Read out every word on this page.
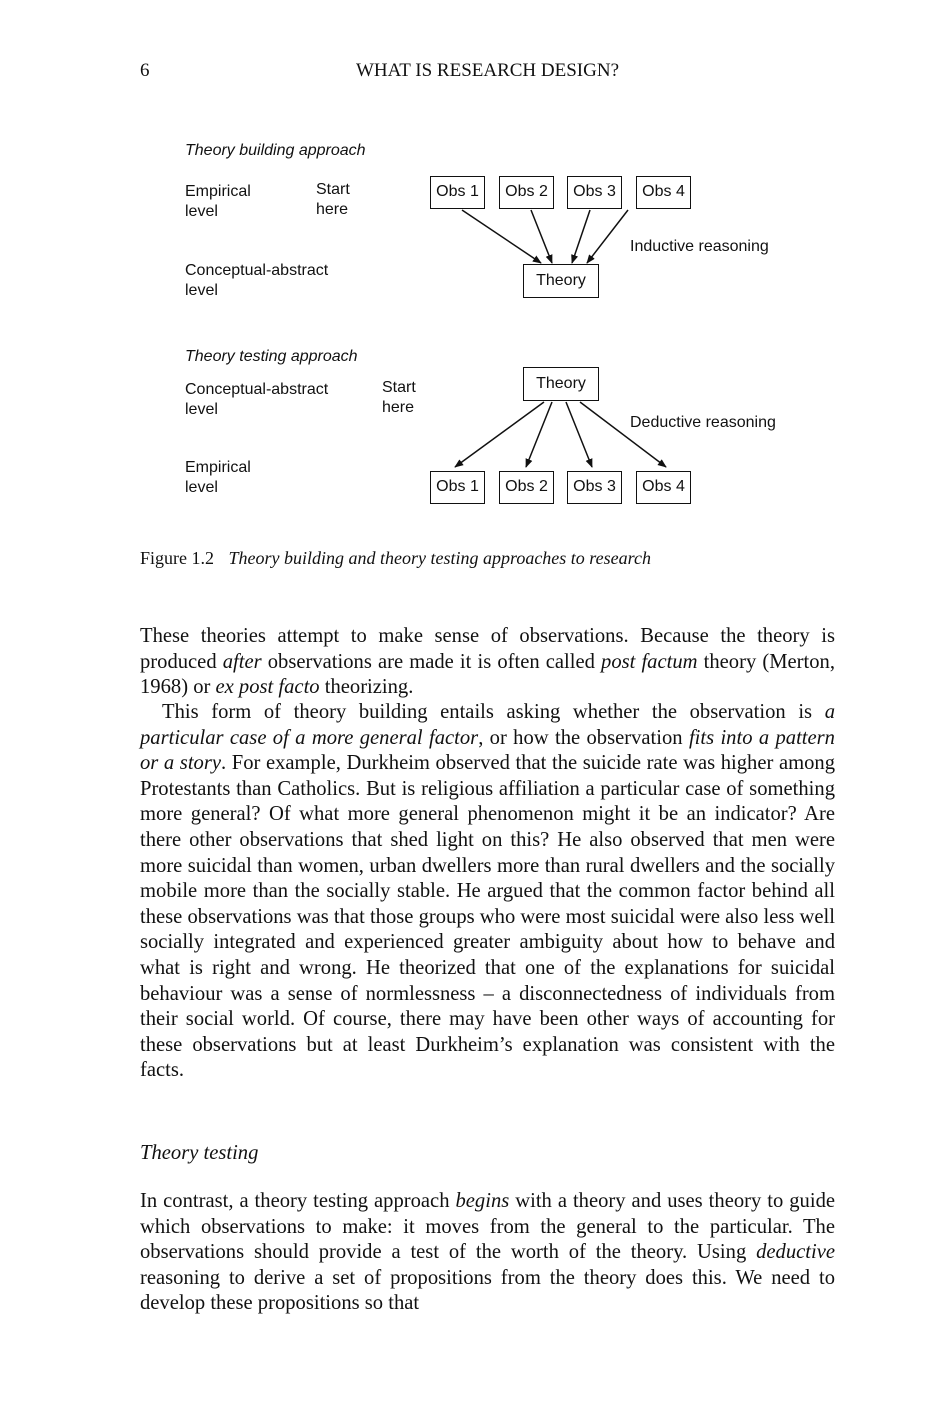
6	WHAT IS RESEARCH DESIGN?
Theory building approach
Empirical
level
Start
here
Conceptual-abstract
level
Inductive reasoning
Obs 1	Obs 2	Obs 3	Obs 4
Theory
Theory testing approach
Conceptual-abstract
level
Start
here
Empirical
level
Deductive reasoning
Theory
Obs 1	Obs 2	Obs 3	Obs 4
Figure 1.2 Theory building and theory testing approaches to research

These theories attempt to make sense of observations. Because the theory is produced after observations are made it is often called post factum theory (Merton, 1968) or ex post facto theorizing.

This form of theory building entails asking whether the observation is a particular case of a more general factor, or how the observation fits into a pattern or a story. For example, Durkheim observed that the suicide rate was higher among Protestants than Catholics. But is religious affiliation a particular case of something more general? Of what more general phenomenon might it be an indicator? Are there other observations that shed light on this? He also observed that men were more suicidal than women, urban dwellers more than rural dwellers and the socially mobile more than the socially stable. He argued that the common factor behind all these observations was that those groups who were most suicidal were also less well socially integrated and experienced greater ambiguity about how to behave and what is right and wrong. He theorized that one of the explanations for suicidal behaviour was a sense of normlessness – a disconnectedness of individuals from their social world. Of course, there may have been other ways of accounting for these observations but at least Durkheim’s explanation was consistent with the facts.

Theory testing

In contrast, a theory testing approach begins with a theory and uses theory to guide which observations to make: it moves from the general to the particular. The observations should provide a test of the worth of the theory. Using deductive reasoning to derive a set of propositions from the theory does this. We need to develop these propositions so that
